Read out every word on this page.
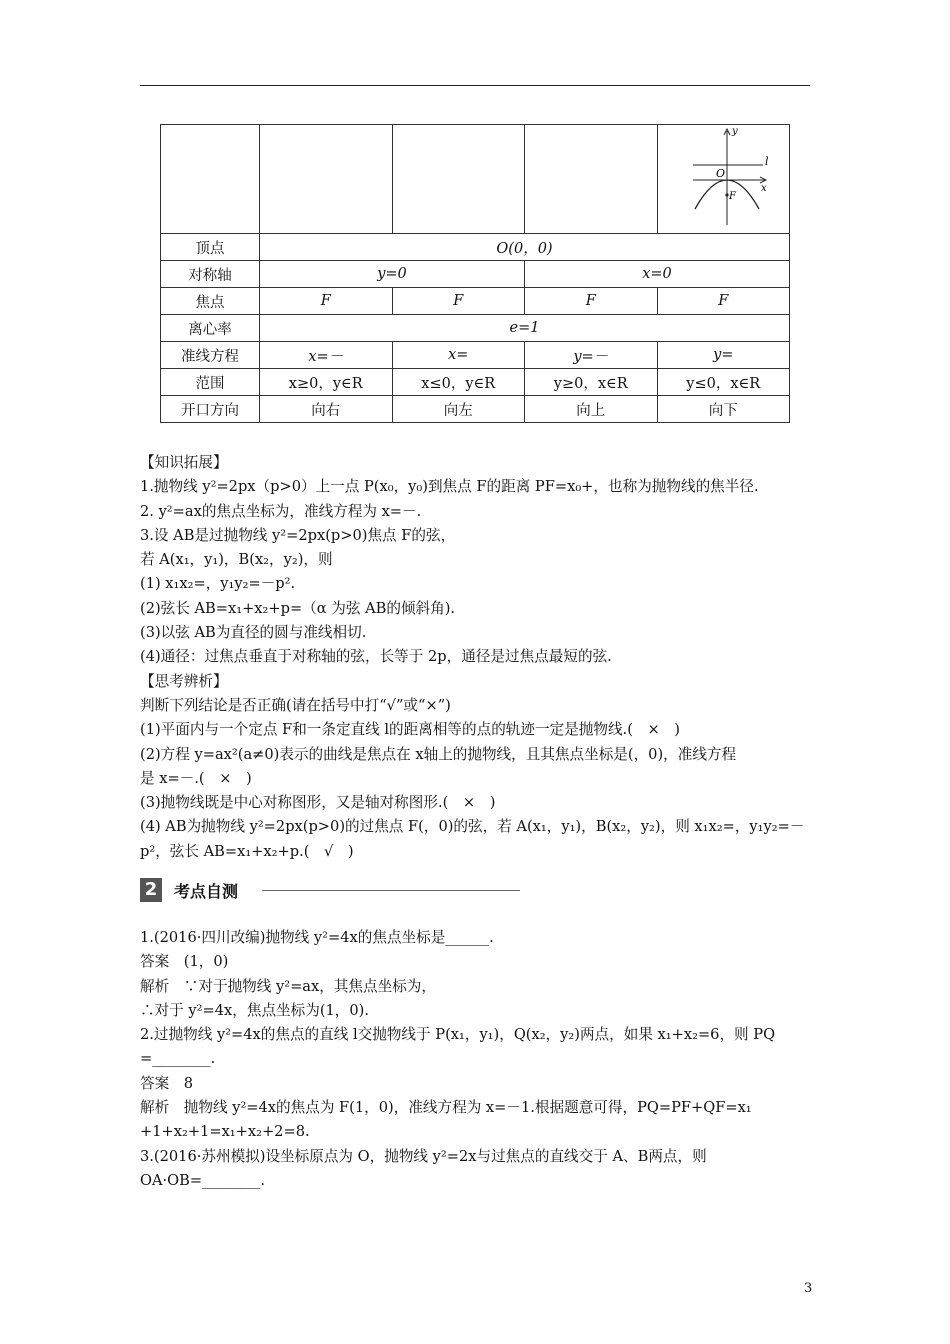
y
x
O
l
F

顶点	O(0，0)			
对称轴	y=0		x=0	
焦点	F	F	F	F
离心率	e=1			
准线方程	x=－	x=	y=－	y=
范围	x≥0，y∈R	x≤0，y∈R	y≥0，x∈R	y≤0，x∈R
开口方向	向右	向左	向上	向下

【知识拓展】

1.抛物线 y²=2px（p>0）上一点 P(x₀，y₀)到焦点 F的距离 PF=x₀+，也称为抛物线的焦半径.

2. y²=ax的焦点坐标为，准线方程为 x=－.

3.设 AB是过抛物线 y²=2px(p>0)焦点 F的弦，

若 A(x₁，y₁)，B(x₂，y₂)，则

(1) x₁x₂=，y₁y₂=－p².

(2)弦长 AB=x₁+x₂+p=（α 为弦 AB的倾斜角).

(3)以弦 AB为直径的圆与准线相切.

(4)通径：过焦点垂直于对称轴的弦，长等于 2p，通径是过焦点最短的弦.

【思考辨析】

判断下列结论是否正确(请在括号中打“√”或“×”)

(1)平面内与一个定点 F和一条定直线 l的距离相等的点的轨迹一定是抛物线.(　×　)

(2)方程 y=ax²(a≠0)表示的曲线是焦点在 x轴上的抛物线，且其焦点坐标是(，0)，准线方程

是 x=－.(　×　)

(3)抛物线既是中心对称图形，又是轴对称图形.(　×　)

(4) AB为抛物线 y²=2px(p>0)的过焦点 F(，0)的弦，若 A(x₁，y₁)，B(x₂，y₂)，则 x₁x₂=，y₁y₂=－

p²，弦长 AB=x₁+x₂+p.(　√　)

2 考点自测

1.(2016·四川改编)抛物线 y²=4x的焦点坐标是______.

答案　(1，0)

解析　∵对于抛物线 y²=ax，其焦点坐标为，

∴对于 y²=4x，焦点坐标为(1，0).

2.过抛物线 y²=4x的焦点的直线 l交抛物线于 P(x₁，y₁)，Q(x₂，y₂)两点，如果 x₁+x₂=6，则 PQ

=________.

答案　8

解析　抛物线 y²=4x的焦点为 F(1，0)，准线方程为 x=－1.根据题意可得，PQ=PF+QF=x₁

+1+x₂+1=x₁+x₂+2=8.

3.(2016·苏州模拟)设坐标原点为 O，抛物线 y²=2x与过焦点的直线交于 A、B两点，则

OA·OB=________.

3
